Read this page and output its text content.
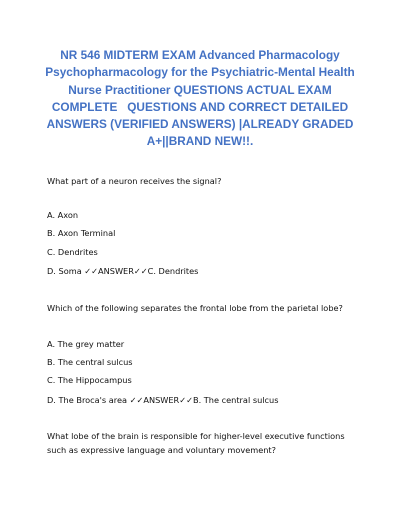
NR 546 MIDTERM EXAM Advanced Pharmacology
Psychopharmacology for the Psychiatric-Mental Health
Nurse Practitioner QUESTIONS ACTUAL EXAM
COMPLETE   QUESTIONS AND CORRECT DETAILED
ANSWERS (VERIFIED ANSWERS) |ALREADY GRADED
A+||BRAND NEW!!.

What part of a neuron receives the signal?

A. Axon

B. Axon Terminal

C. Dendrites

D. Soma ✓✓ANSWER✓✓C. Dendrites

Which of the following separates the frontal lobe from the parietal lobe?

A. The grey matter

B. The central sulcus

C. The Hippocampus

D. The Broca's area ✓✓ANSWER✓✓B. The central sulcus

What lobe of the brain is responsible for higher-level executive functions such as expressive language and voluntary movement?
